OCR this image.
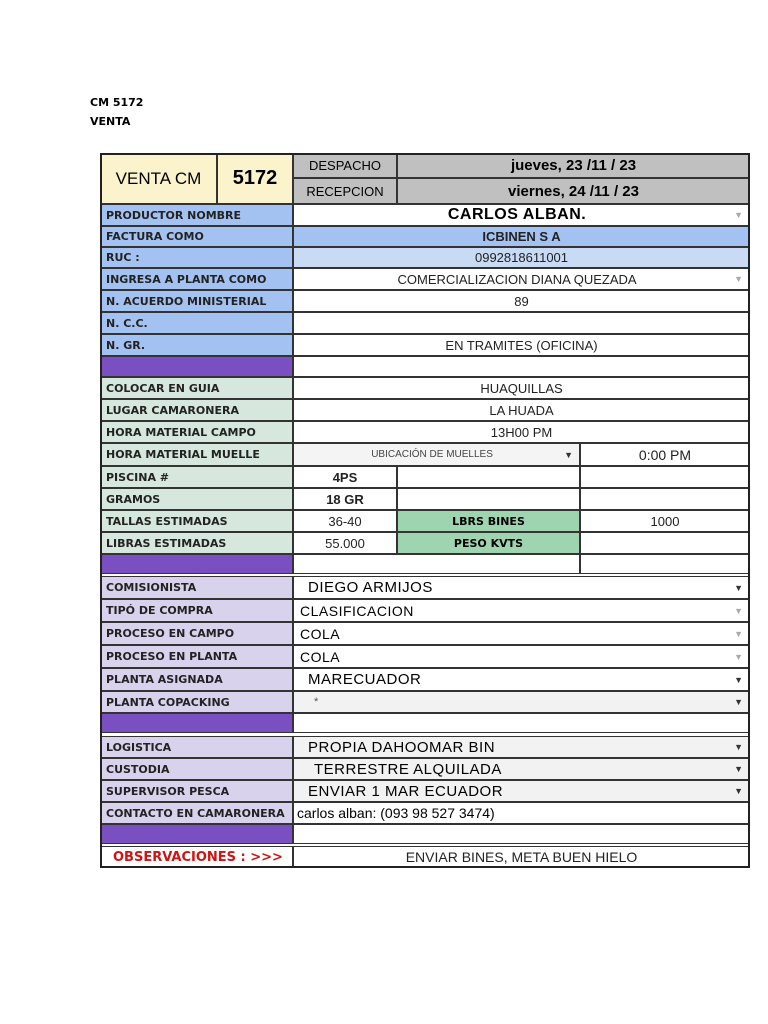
CM 5172
VENTA
VENTA CM	5172
DESPACHO	jueves, 23 /11 / 23
RECEPCION	viernes, 24 /11 / 23
PRODUCTOR NOMBRE	CARLOS ALBAN.	▼
FACTURA COMO	ICBINEN S A
RUC :	0992818611001
INGRESA A PLANTA COMO	COMERCIALIZACION DIANA QUEZADA	▼
N. ACUERDO MINISTERIAL	89
N. C.C.
N. GR.	EN TRAMITES (OFICINA)
COLOCAR EN GUIA	HUAQUILLAS
LUGAR CAMARONERA	LA HUADA
HORA MATERIAL CAMPO	13H00 PM
HORA MATERIAL MUELLE	UBICACIÓN DE MUELLES	▼	0:00 PM
PISCINA #	4PS
GRAMOS	18 GR
TALLAS ESTIMADAS	36-40	LBRS BINES	1000
LIBRAS ESTIMADAS	55.000	PESO KVTS
COMISIONISTA	DIEGO ARMIJOS	▼
TIPÓ DE COMPRA	CLASIFICACION	▼
PROCESO EN CAMPO	COLA	▼
PROCESO EN PLANTA	COLA	▼
PLANTA ASIGNADA	MARECUADOR	▼
PLANTA COPACKING	*	▼
LOGISTICA	PROPIA DAHOOMAR BIN	▼
CUSTODIA	TERRESTRE ALQUILADA	▼
SUPERVISOR PESCA	ENVIAR 1 MAR ECUADOR	▼
CONTACTO EN CAMARONERA carlos alban: (093 98 527 3474)
OBSERVACIONES : >>>	ENVIAR BINES, META BUEN HIELO
